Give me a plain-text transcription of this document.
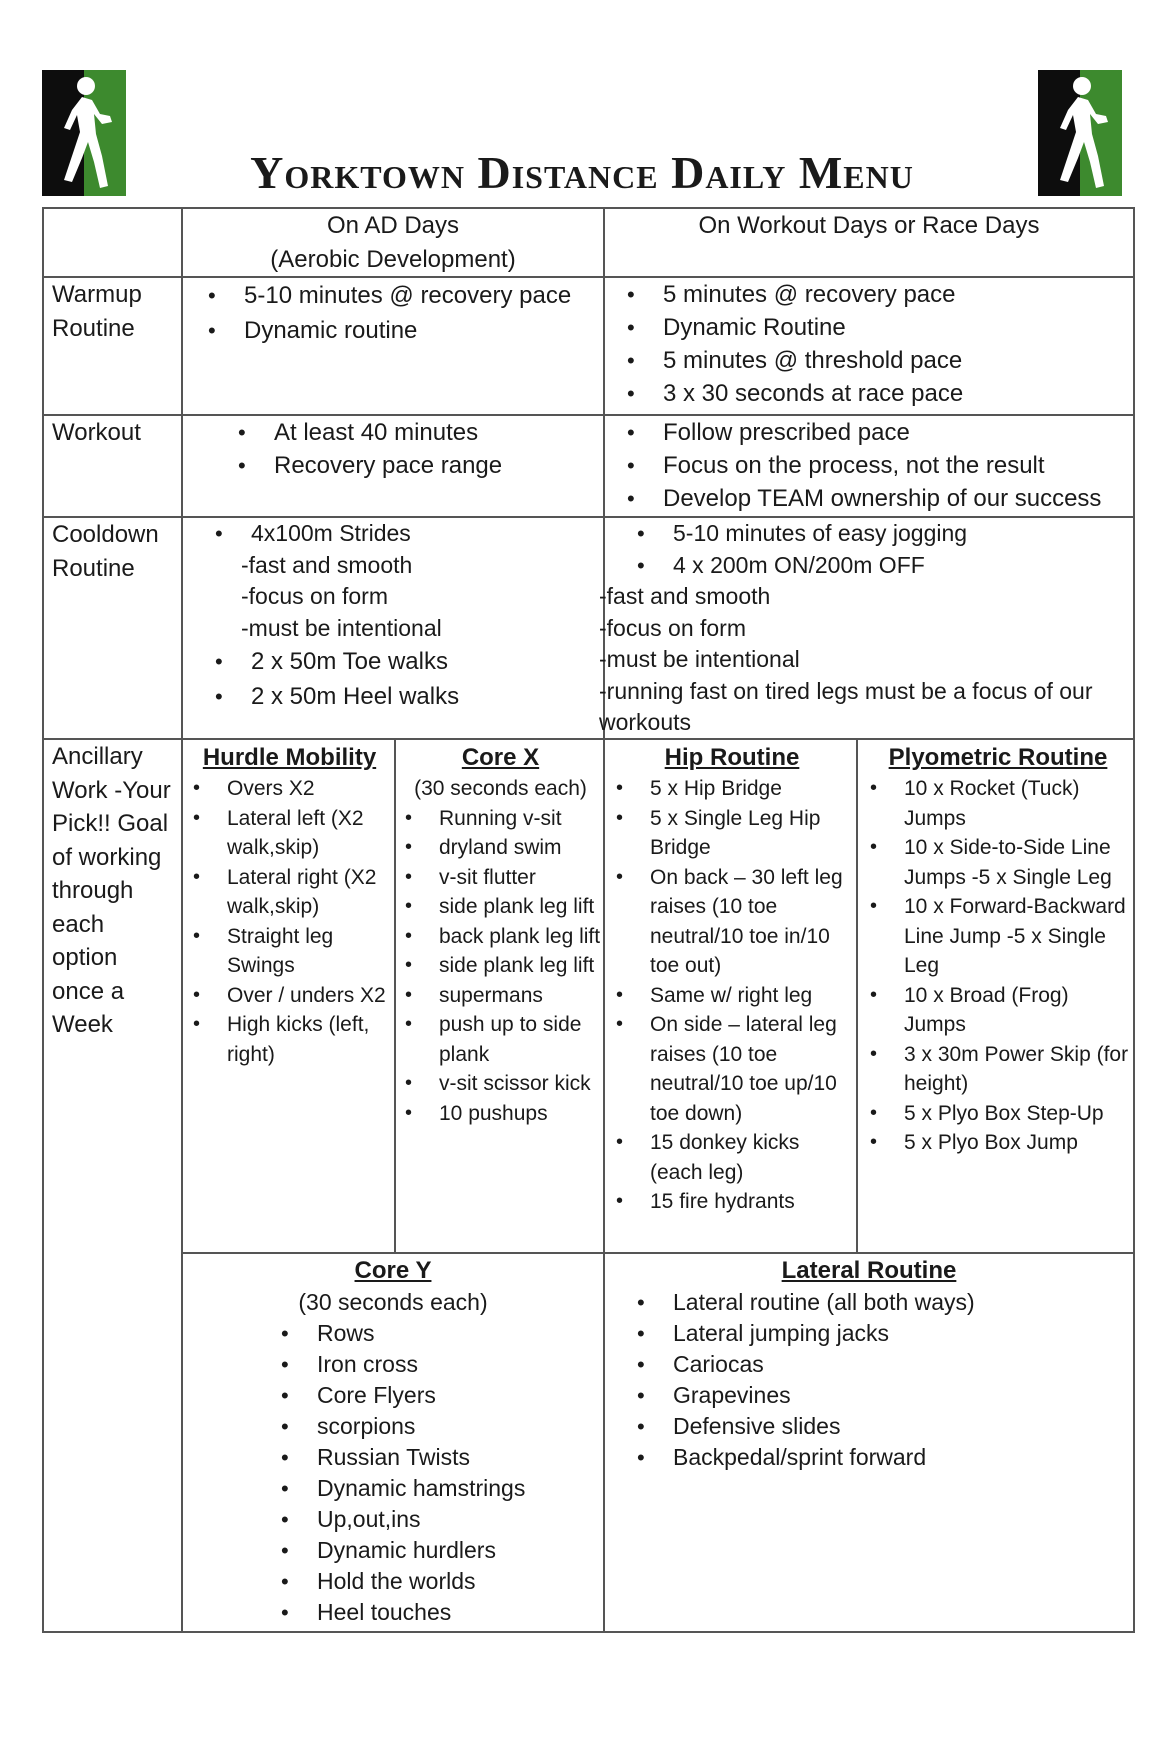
Yorktown Distance Daily Menu
On AD Days
(Aerobic Development)
On Workout Days or Race Days
Warmup Routine
• 5-10 minutes @ recovery pace
• Dynamic routine
• 5 minutes @ recovery pace
• Dynamic Routine
• 5 minutes @ threshold pace
• 3 x 30 seconds at race pace
Workout
•	At least 40 minutes
• Recovery pace range
• Follow prescribed pace
• Focus on the process, not the result
• Develop TEAM ownership of our success
Cooldown Routine
• 4x100m Strides
-fast and smooth
-focus on form
-must be intentional
• 2 x 50m Toe walks
• 2 x 50m Heel walks
• 5-10 minutes of easy jogging
• 4 x 200m ON/200m OFF
-fast and smooth
-focus on form
-must be intentional
-running fast on tired legs must be a focus of our workouts
Ancillary Work -Your Pick!! Goal of working through each option once a Week
Hurdle Mobility
• Overs X2
• Lateral left (X2 walk,skip)
• Lateral right (X2 walk,skip)
• Straight leg Swings
• Over / unders X2
• High kicks (left, right)
Core X
(30 seconds each)
• Running v-sit
• dryland swim
• v-sit flutter
• side plank leg lift
• back plank leg lift
• side plank leg lift
• supermans
• push up to side plank
• v-sit scissor kick
• 10 pushups
Hip Routine
• 5 x Hip Bridge
• 5 x Single Leg Hip Bridge
• On back – 30 left leg raises (10 toe neutral/10 toe in/10 toe out)
• Same w/ right leg
• On side – lateral leg raises (10 toe neutral/10 toe up/10 toe down)
• 15 donkey kicks (each leg)
• 15 fire hydrants
Plyometric Routine
• 10 x Rocket (Tuck) Jumps
• 10 x Side-to-Side Line Jumps -5 x Single Leg
• 10 x Forward-Backward Line Jump -5 x Single Leg
• 10 x Broad (Frog) Jumps
• 3 x 30m Power Skip (for height)
• 5 x Plyo Box Step-Up
• 5 x Plyo Box Jump
Core Y
(30 seconds each)
• Rows
• Iron cross
• Core Flyers
• scorpions
• Russian Twists
• Dynamic hamstrings
• Up,out,ins
• Dynamic hurdlers
• Hold the worlds
• Heel touches
Lateral Routine
• Lateral routine (all both ways)
• Lateral jumping jacks
• Cariocas
• Grapevines
• Defensive slides
• Backpedal/sprint forward
